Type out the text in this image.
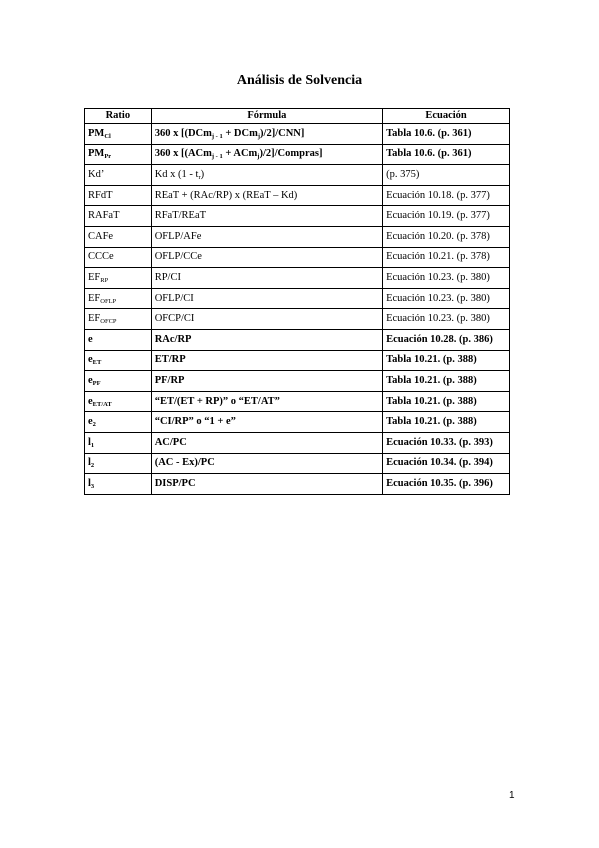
Análisis de Solvencia
Ratio	Fórmula	Ecuación
$PM_{Cl}$	360 x [(DCm$_{j - 1}$ + DCm$_j$)/2]/CNN]	Tabla 10.6. (p. 361)
$PM_{Pr}$	360 x [(ACm$_{j - 1}$ + ACm$_j$)/2]/Compras]	Tabla 10.6. (p. 361)
Kd’	Kd x $(1 - t_r)$	(p. 375)
RFdT	REaT + (RAc/RP) x (REaT – Kd)	Ecuación 10.18. (p. 377)
RAFaT	RFaT/REaT	Ecuación 10.19. (p. 377)
CAFe	OFLP/AFe	Ecuación 10.20. (p. 378)
CCCe	OFLP/CCe	Ecuación 10.21. (p. 378)
$EF_{RP}$	RP/CI	Ecuación 10.23. (p. 380)
$EF_{OFLP}$	OFLP/CI	Ecuación 10.23. (p. 380)
$EF_{OFCP}$	OFCP/CI	Ecuación 10.23. (p. 380)
e	RAc/RP	Ecuación 10.28. (p. 386)
$e_{ET}$	ET/RP	Tabla 10.21. (p. 388)
$e_{PF}$	PF/RP	Tabla 10.21. (p. 388)
$e_{ET/AT}$	“ET/(ET + RP)” o “ET/AT”	Tabla 10.21. (p. 388)
$e_2$	“CI/RP” o “1 + e”	Tabla 10.21. (p. 388)
$l_1$	AC/PC	Ecuación 10.33. (p. 393)
$l_2$	(AC - Ex)/PC	Ecuación 10.34. (p. 394)
$l_3$	DISP/PC	Ecuación 10.35. (p. 396)
1
